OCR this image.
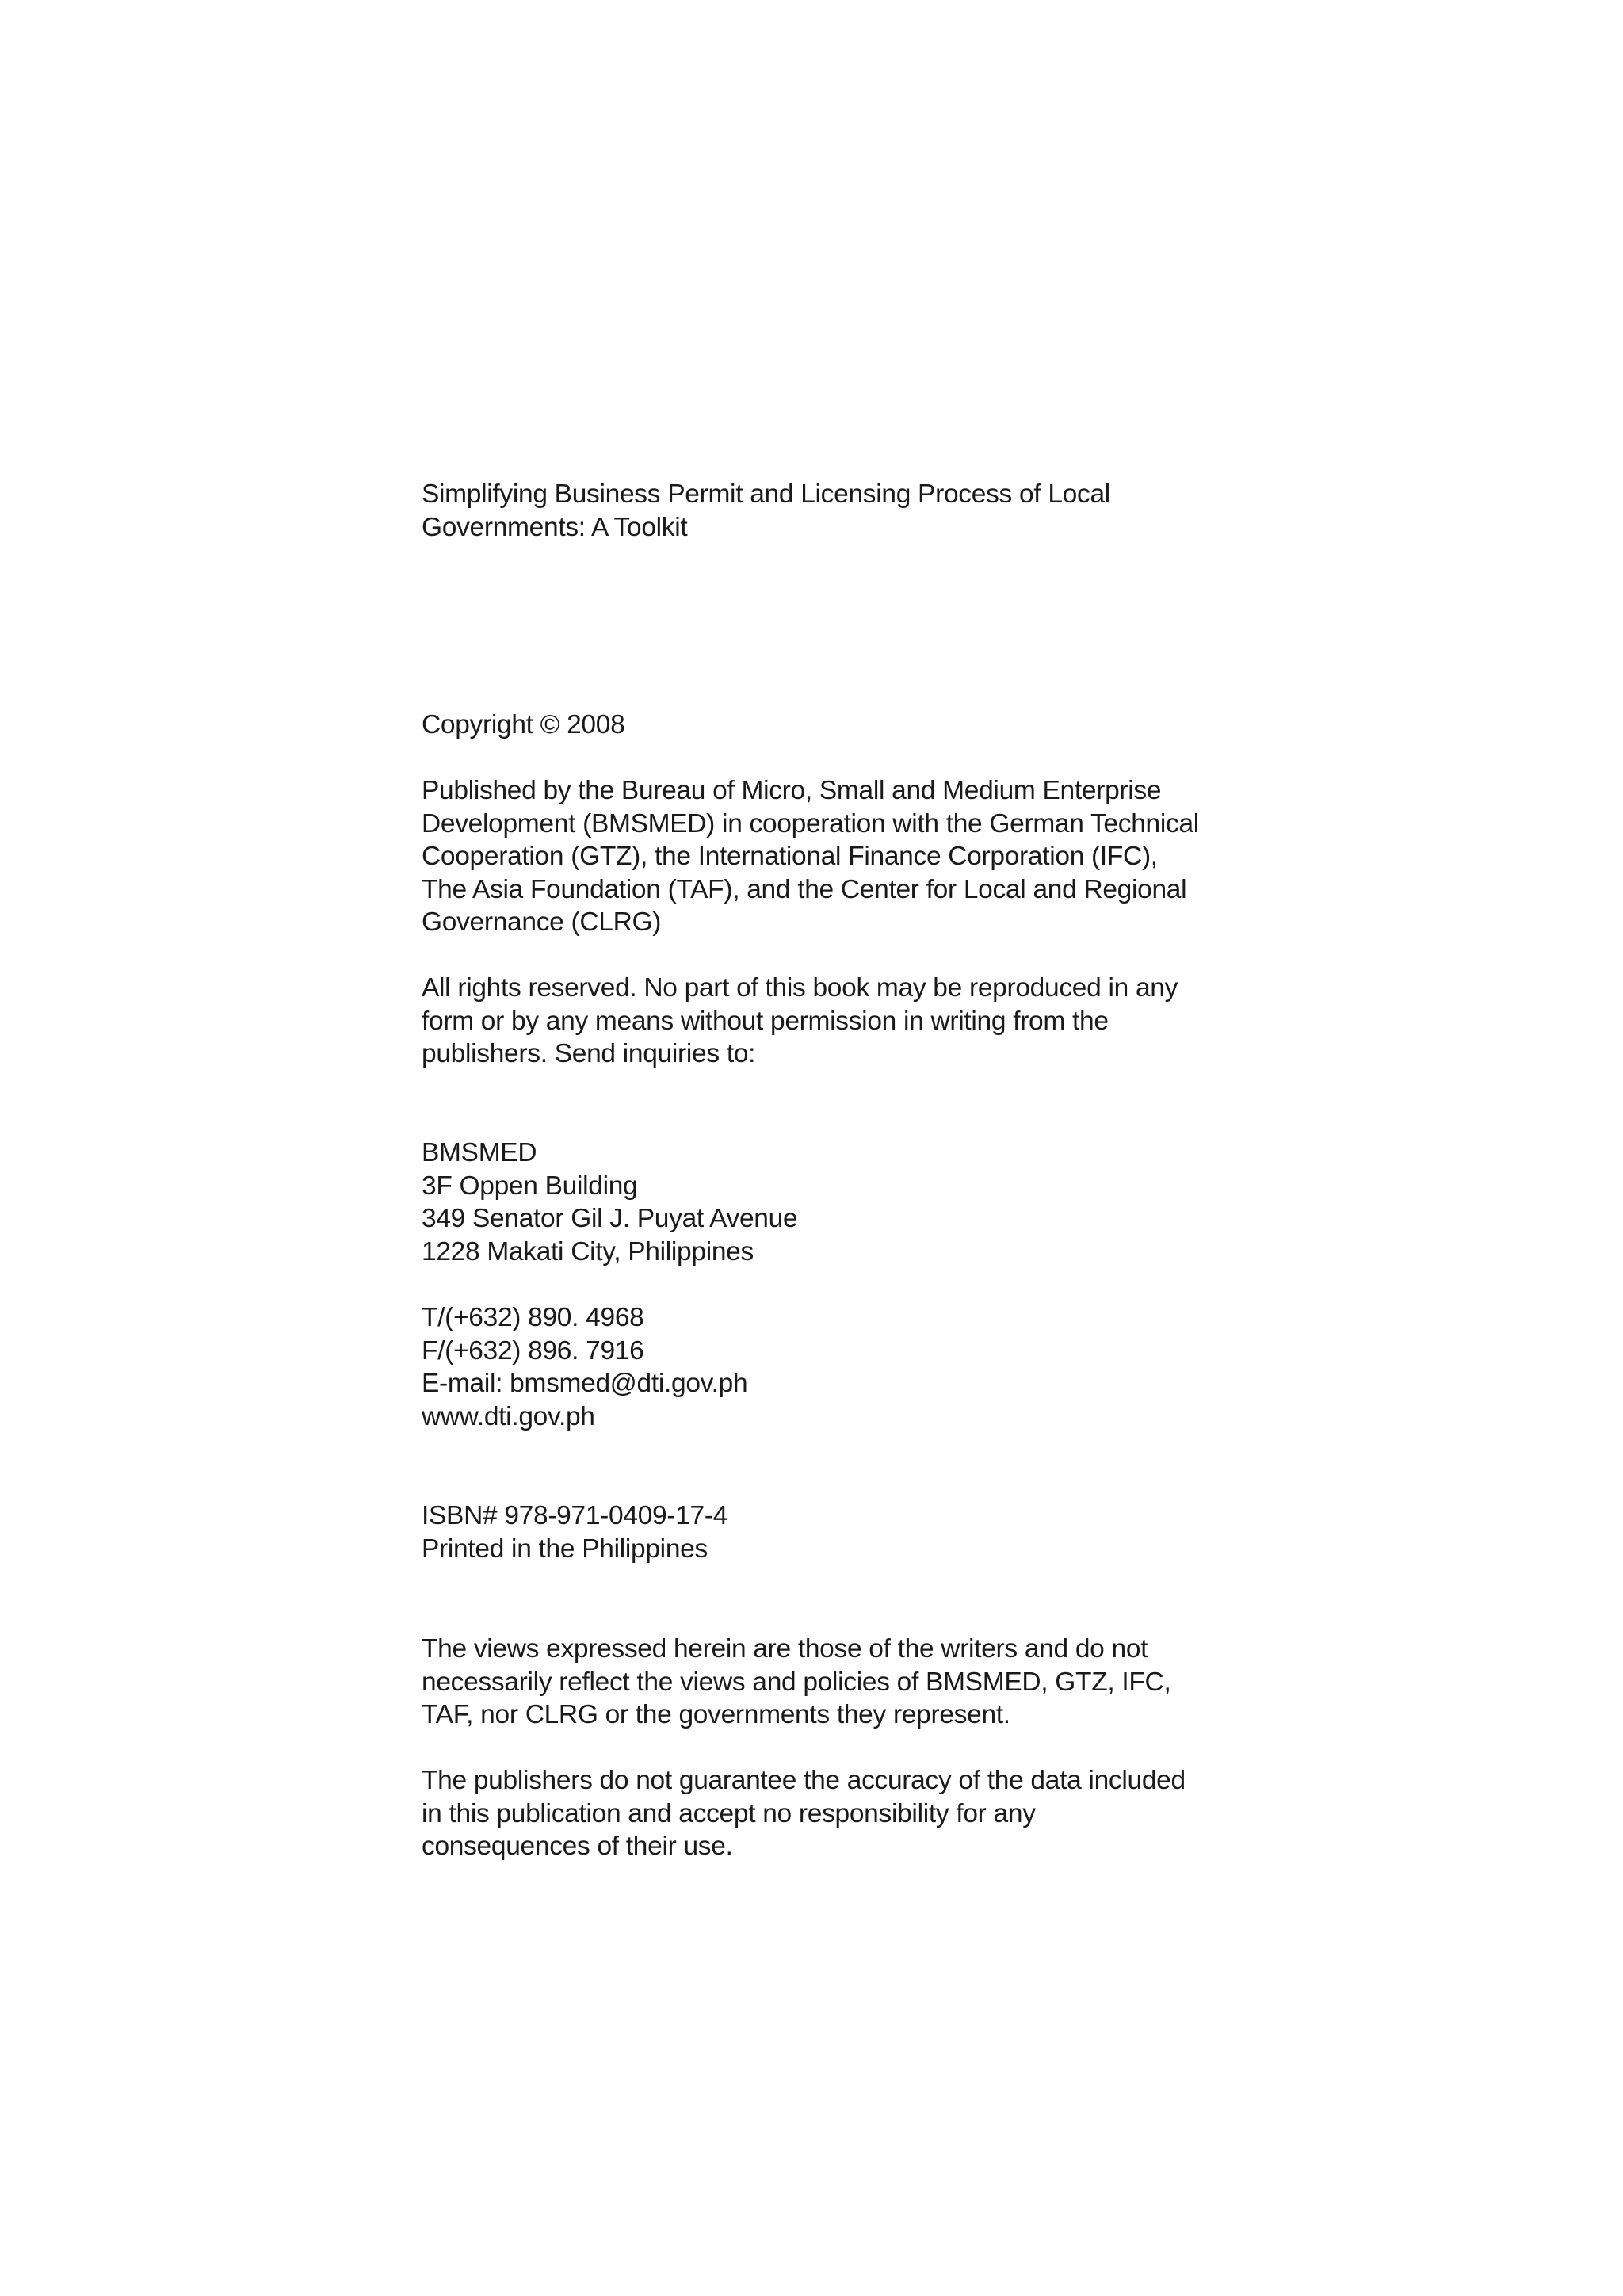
Simplifying Business Permit and Licensing Process of Local
Governments: A Toolkit

Copyright © 2008

Published by the Bureau of Micro, Small and Medium Enterprise
Development (BMSMED) in cooperation with the German Technical
Cooperation (GTZ), the International Finance Corporation (IFC),
The Asia Foundation (TAF), and the Center for Local and Regional
Governance (CLRG)

All rights reserved. No part of this book may be reproduced in any
form or by any means without permission in writing from the
publishers. Send inquiries to:

BMSMED
3F Oppen Building
349 Senator Gil J. Puyat Avenue
1228 Makati City, Philippines

T/(+632) 890. 4968
F/(+632) 896. 7916
E-mail: bmsmed@dti.gov.ph
www.dti.gov.ph

ISBN# 978-971-0409-17-4
Printed in the Philippines

The views expressed herein are those of the writers and do not
necessarily reflect the views and policies of BMSMED, GTZ, IFC,
TAF, nor CLRG or the governments they represent.

The publishers do not guarantee the accuracy of the data included
in this publication and accept no responsibility for any
consequences of their use.
